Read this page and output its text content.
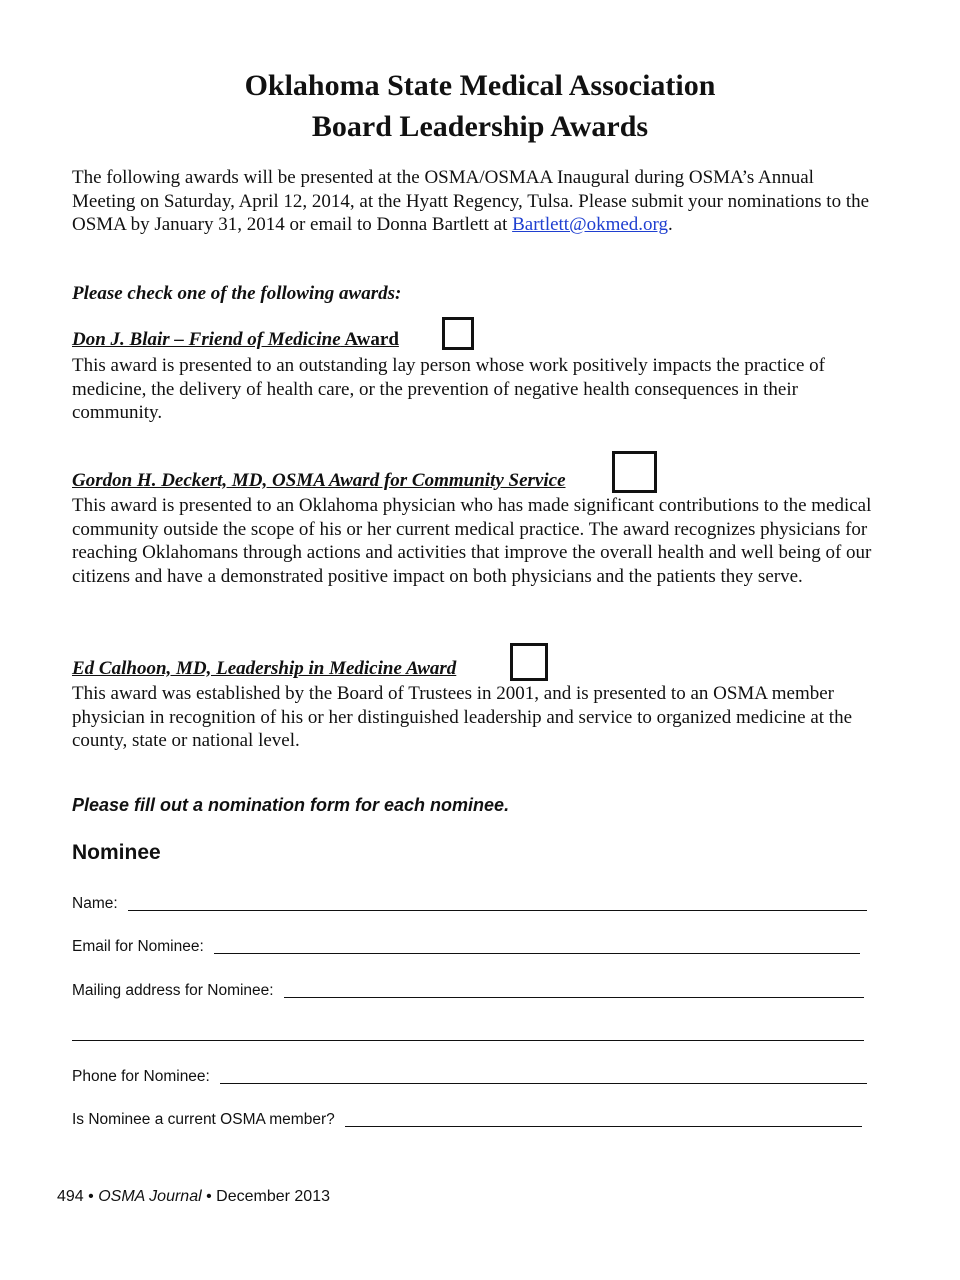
Oklahoma State Medical Association
Board Leadership Awards
The following awards will be presented at the OSMA/OSMAA Inaugural during OSMA’s Annual Meeting on Saturday, April 12, 2014, at the Hyatt Regency, Tulsa. Please submit your nominations to the OSMA by January 31, 2014 or email to Donna Bartlett at Bartlett@okmed.org.
Please check one of the following awards:
Don J. Blair – Friend of Medicine Award
This award is presented to an outstanding lay person whose work positively impacts the practice of medicine, the delivery of health care, or the prevention of negative health consequences in their community.
Gordon H. Deckert, MD, OSMA Award for Community Service
This award is presented to an Oklahoma physician who has made significant contributions to the medical community outside the scope of his or her current medical practice. The award recognizes physicians for reaching Oklahomans through actions and activities that improve the overall health and well being of our citizens and have a demonstrated positive impact on both physicians and the patients they serve.
Ed Calhoon, MD, Leadership in Medicine Award
This award was established by the Board of Trustees in 2001, and is presented to an OSMA member physician in recognition of his or her distinguished leadership and service to organized medicine at the county, state or national level.
Please fill out a nomination form for each nominee.
Nominee
Name:
Email for Nominee:
Mailing address for Nominee:
Phone for Nominee:
Is Nominee a current OSMA member?
494 • OSMA Journal • December 2013
